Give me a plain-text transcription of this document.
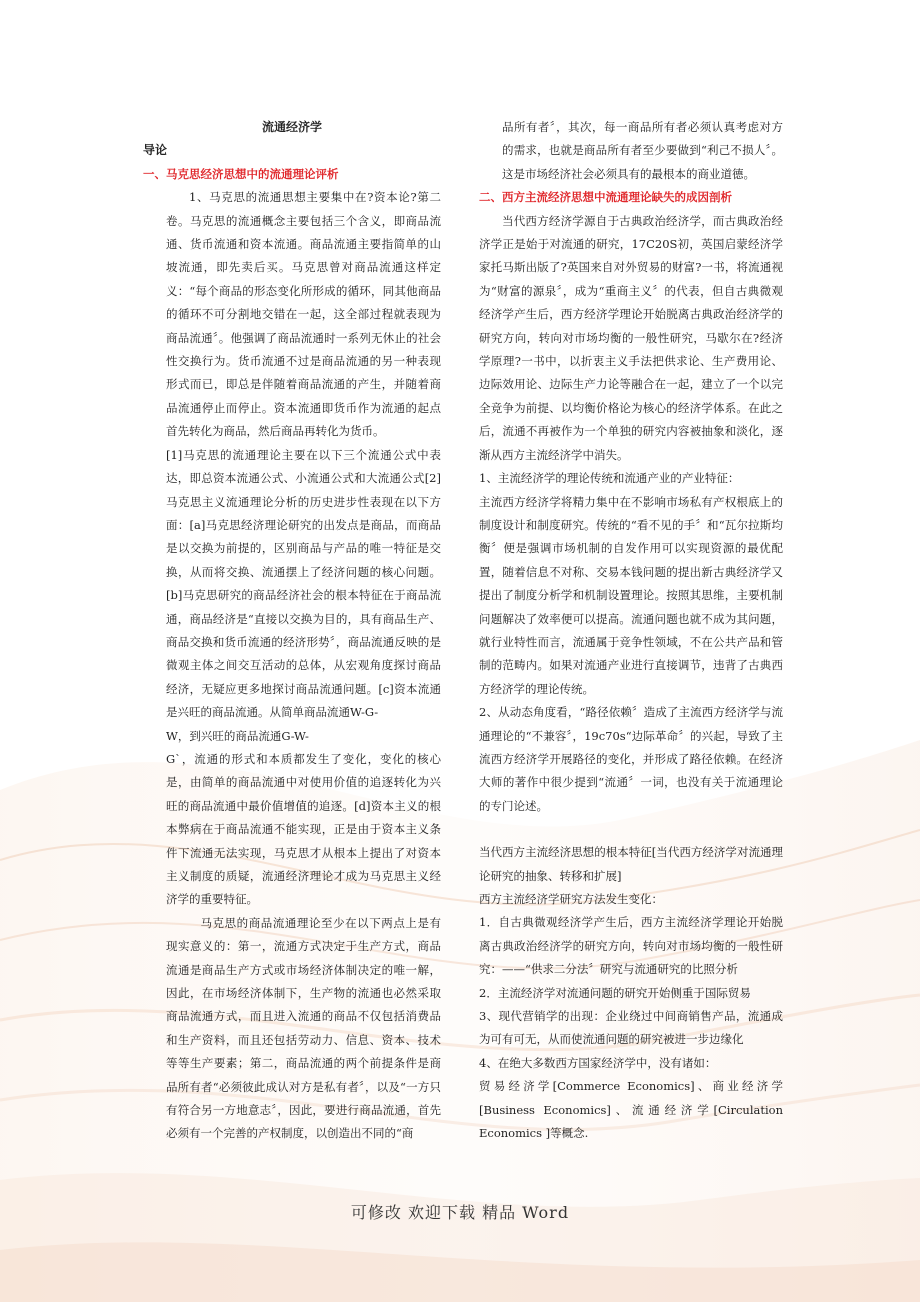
流通经济学

导论

一、马克思经济思想中的流通理论评析

1、马克思的流通思想主要集中在?资本论?第二卷。马克思的流通概念主要包括三个含义，即商品流通、货币流通和资本流通。商品流通主要指简单的山坡流通，即先卖后买。马克思曾对商品流通这样定义：“每个商品的形态变化所形成的循环，同其他商品的循环不可分割地交错在一起，这全部过程就表现为商品流通〞。他强调了商品流通时一系列无休止的社会性交换行为。货币流通不过是商品流通的另一种表现形式而已，即总是伴随着商品流通的产生，并随着商品流通停止而停止。资本流通即货币作为流通的起点首先转化为商品，然后商品再转化为货币。

[1]马克思的流通理论主要在以下三个流通公式中表达，即总资本流通公式、小流通公式和大流通公式[2]马克思主义流通理论分析的历史进步性表现在以下方面：[a]马克思经济理论研究的出发点是商品，而商品是以交换为前提的，区别商品与产品的唯一特征是交换，从而将交换、流通摆上了经济问题的核心问题。[b]马克思研究的商品经济社会的根本特征在于商品流通，商品经济是“直接以交换为目的，具有商品生产、商品交换和货币流通的经济形势〞，商品流通反映的是微观主体之间交互活动的总体，从宏观角度探讨商品经济，无疑应更多地探讨商品流通问题。[c]资本流通是兴旺的商品流通。从简单商品流通W-G-

W，到兴旺的商品流通G-W-

G`，流通的形式和本质都发生了变化，变化的核心是，由简单的商品流通中对使用价值的追逐转化为兴旺的商品流通中最价值增值的追逐。[d]资本主义的根本弊病在于商品流通不能实现，正是由于资本主义条件下流通无法实现，马克思才从根本上提出了对资本主义制度的质疑，流通经济理论才成为马克思主义经济学的重要特征。

马克思的商品流通理论至少在以下两点上是有现实意义的：第一，流通方式决定于生产方式，商品流通是商品生产方式或市场经济体制决定的唯一解，因此，在市场经济体制下，生产物的流通也必然采取商品流通方式，而且进入流通的商品不仅包括消费品和生产资料，而且还包括劳动力、信息、资本、技术等等生产要素；第二，商品流通的两个前提条件是商品所有者“必须彼此成认对方是私有者〞，以及“一方只有符合另一方地意志〞，因此，要进行商品流通，首先必须有一个完善的产权制度，以创造出不同的“商

品所有者〞，其次，每一商品所有者必须认真考虑对方的需求，也就是商品所有者至少要做到“利己不损人〞。这是市场经济社会必须具有的最根本的商业道德。

二、西方主流经济思想中流通理论缺失的成因剖析

当代西方经济学源自于古典政治经济学，而古典政治经济学正是始于对流通的研究，17C20S初，英国启蒙经济学家托马斯出版了?英国来自对外贸易的财富?一书，将流通视为“财富的源泉〞，成为“重商主义〞的代表，但自古典微观经济学产生后，西方经济学理论开始脱离古典政治经济学的研究方向，转向对市场均衡的一般性研究，马歇尔在?经济学原理?一书中，以折衷主义手法把供求论、生产费用论、边际效用论、边际生产力论等融合在一起，建立了一个以完全竞争为前提、以均衡价格论为核心的经济学体系。在此之后，流通不再被作为一个单独的研究内容被抽象和淡化，逐渐从西方主流经济学中消失。

1、主流经济学的理论传统和流通产业的产业特征：

主流西方经济学将精力集中在不影响市场私有产权根底上的制度设计和制度研究。传统的“看不见的手〞和“瓦尔拉斯均衡〞便是强调市场机制的自发作用可以实现资源的最优配置，随着信息不对称、交易本钱问题的提出新古典经济学又提出了制度分析学和机制设置理论。按照其思维，主要机制问题解决了效率便可以提高。流通问题也就不成为其问题，就行业特性而言，流通属于竞争性领域，不在公共产品和管制的范畴内。如果对流通产业进行直接调节，违背了古典西方经济学的理论传统。

2、从动态角度看，“路径依赖〞造成了主流西方经济学与流通理论的“不兼容〞，19c70s“边际革命〞的兴起，导致了主流西方经济学开展路径的变化，并形成了路径依赖。在经济大师的著作中很少提到“流通〞一词，也没有关于流通理论的专门论述。

当代西方主流经济思想的根本特征[当代西方经济学对流通理论研究的抽象、转移和扩展]

西方主流经济学研究方法发生变化：

1．自古典微观经济学产生后，西方主流经济学理论开始脱离古典政治经济学的研究方向，转向对市场均衡的一般性研究：——“供求二分法〞研究与流通研究的比照分析

2．主流经济学对流通问题的研究开始侧重于国际贸易

3、现代营销学的出现：企业绕过中间商销售产品，流通成为可有可无，从而使流通问题的研究被进一步边缘化

4、在绝大多数西方国家经济学中，没有诸如：

贸易经济学[Commerce Economics]、商业经济学[Business Economics]、流通经济学[Circulation Economics ]等概念.

可修改 欢迎下载 精品 Word
